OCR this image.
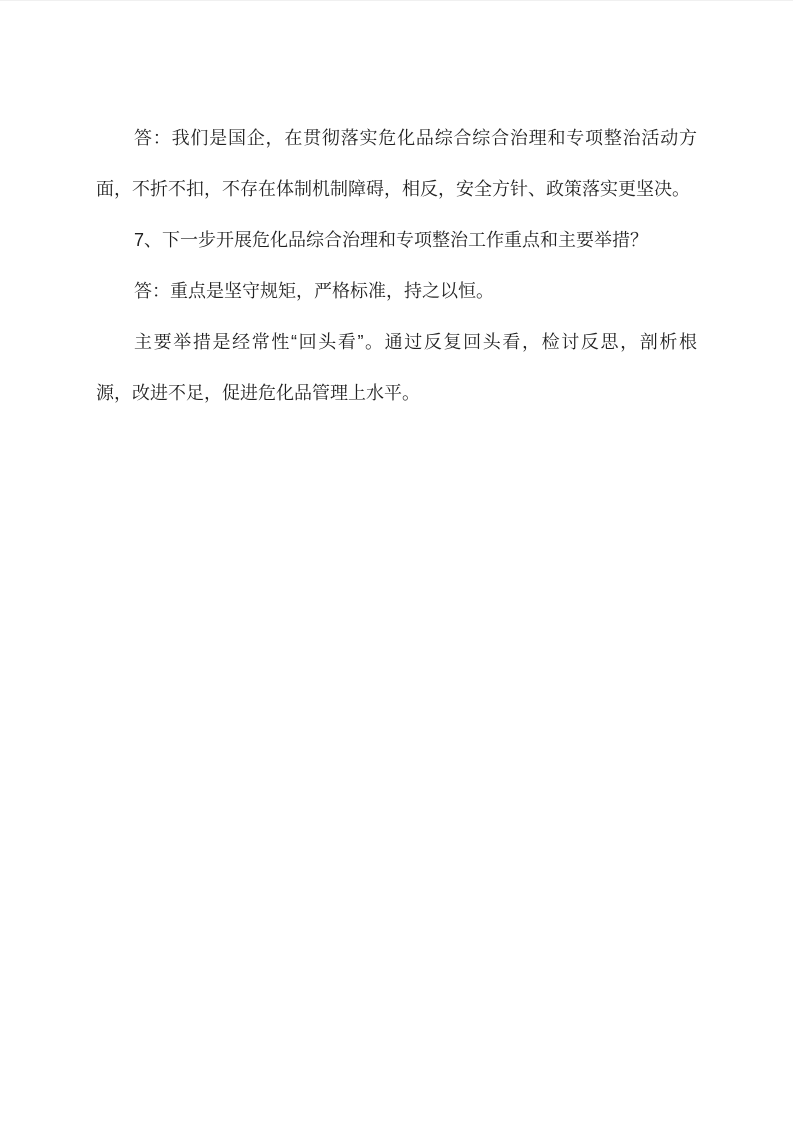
答：我们是国企，在贯彻落实危化品综合综合治理和专项整治活动方
面，不折不扣，不存在体制机制障碍，相反，安全方针、政策落实更坚决。
7、下一步开展危化品综合治理和专项整治工作重点和主要举措？
答：重点是坚守规矩，严格标准，持之以恒。
主要举措是经常性“回头看”。通过反复回头看，检讨反思，剖析根
源，改进不足，促进危化品管理上水平。
